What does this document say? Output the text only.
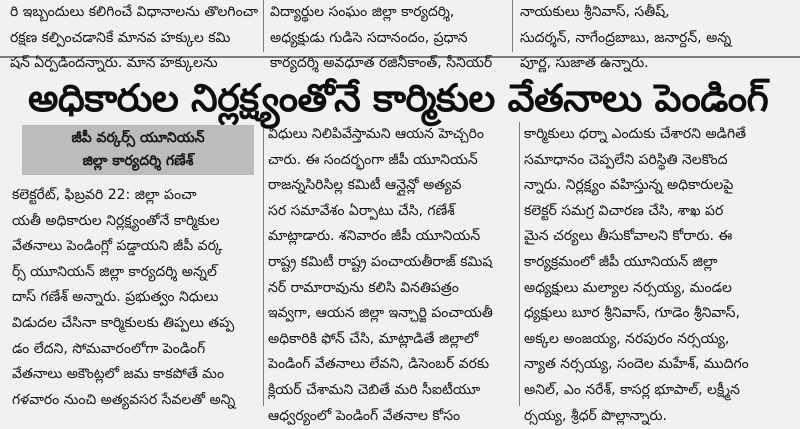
రి ఇబ్బందులు కలిగించే విధానాలను తొలగించా
రక్షణ కల్పించడానికే మానవ హక్కుల కమి
షన్ ఏర్పడిందన్నారు. మాన హక్కులను
విద్యార్థుల సంఘం జిల్లా కార్యదర్శి,
అధ్యక్షుడు గుడిసె సదానందం, ప్రధాన
కార్యదర్శి అవధూత రజినీకాంత్, సీనియర్
నాయకులు శ్రీనివాస్, సతీష్,
సుదర్శన్, నాగేంద్రబాబు, జనార్దన్, అన్న
పూర్ణ, సుజాత ఉన్నారు.
అధికారుల నిర్లక్ష్యంతోనే కార్మికుల వేతనాలు పెండింగ్
జీపీ వర్కర్స్ యూనియన్
జిల్లా కార్యదర్శి గణేశ్
కలెక్టరేట్, ఫిబ్రవరి 22: జిల్లా పంచా
యతీ అధికారుల నిర్లక్ష్యంతోనే కార్మికుల
వేతనాలు పెండింగ్లో పడ్డాయని జీపీ వర్క
ర్స్ యూనియన్ జిల్లా కార్యదర్శి అన్నల్
దాస్ గణేశ్ అన్నారు. ప్రభుత్వం నిధులు
విడుదల చేసినా కార్మికులకు తిప్పలు తప్ప
డం లేదని, సోమవారంలోగా పెండింగ్
వేతనాలు అకౌంట్లలో జమ కాకపోతే మం
గళవారం నుంచి అత్యవసర సేవలతో అన్ని
విధులు నిలిపివేస్తామని ఆయన హెచ్చరిం
చారు. ఈ సందర్భంగా జీపీ యూనియన్
రాజన్నసిరిసిల్ల కమిటీ ఆన్లైన్లో అత్యవ
సర సమావేశం ఏర్పాటు చేసి, గణేశ్
మాట్లాడారు. శనివారం జీపీ యూనియన్
రాష్ట్ర కమిటీ రాష్ట్ర పంచాయతీరాజ్ కమిష
నర్ రామారావును కలిసి వినతిపత్రం
ఇవ్వగా, ఆయన జిల్లా ఇన్చార్జి పంచాయతీ
అధికారికి ఫోన్ చేసి, మాట్లాడితే జిల్లాలో
పెండింగ్ వేతనాలు లేవని, డిసెంబర్ వరకు
క్లియర్ చేశామని చెబితే మరి సీఐటీయూ
ఆధ్వర్యంలో పెండింగ్ వేతనాల కోసం
కార్మికులు ధర్నా ఎందుకు చేశారని అడిగితే
సమాధానం చెప్పలేని పరిస్థితి నెలకొంద
న్నారు. నిర్లక్ష్యం వహిస్తున్న అధికారులపై
కలెక్టర్ సమగ్ర విచారణ చేసి, శాఖ పర
మైన చర్యలు తీసుకోవాలని కోరారు. ఈ
కార్యక్రమంలో జీపీ యూనియన్ జిల్లా
అధ్యక్షులు మల్యాల నర్సయ్య, మండల
ధ్యక్షులు బూర శ్రీనివాస్, గూడెం శ్రీనివాస్,
అక్కల అంజయ్య, నరపురం నర్సయ్య,
న్యాత నర్సయ్య, సందెల మహేశ్, ముదిగం
అనిల్, ఎం నరేశ్, కాసర్ల భూపాల్, లక్ష్మీన
ర్సయ్య, శ్రీధర్ పొల్లాన్నారు.
